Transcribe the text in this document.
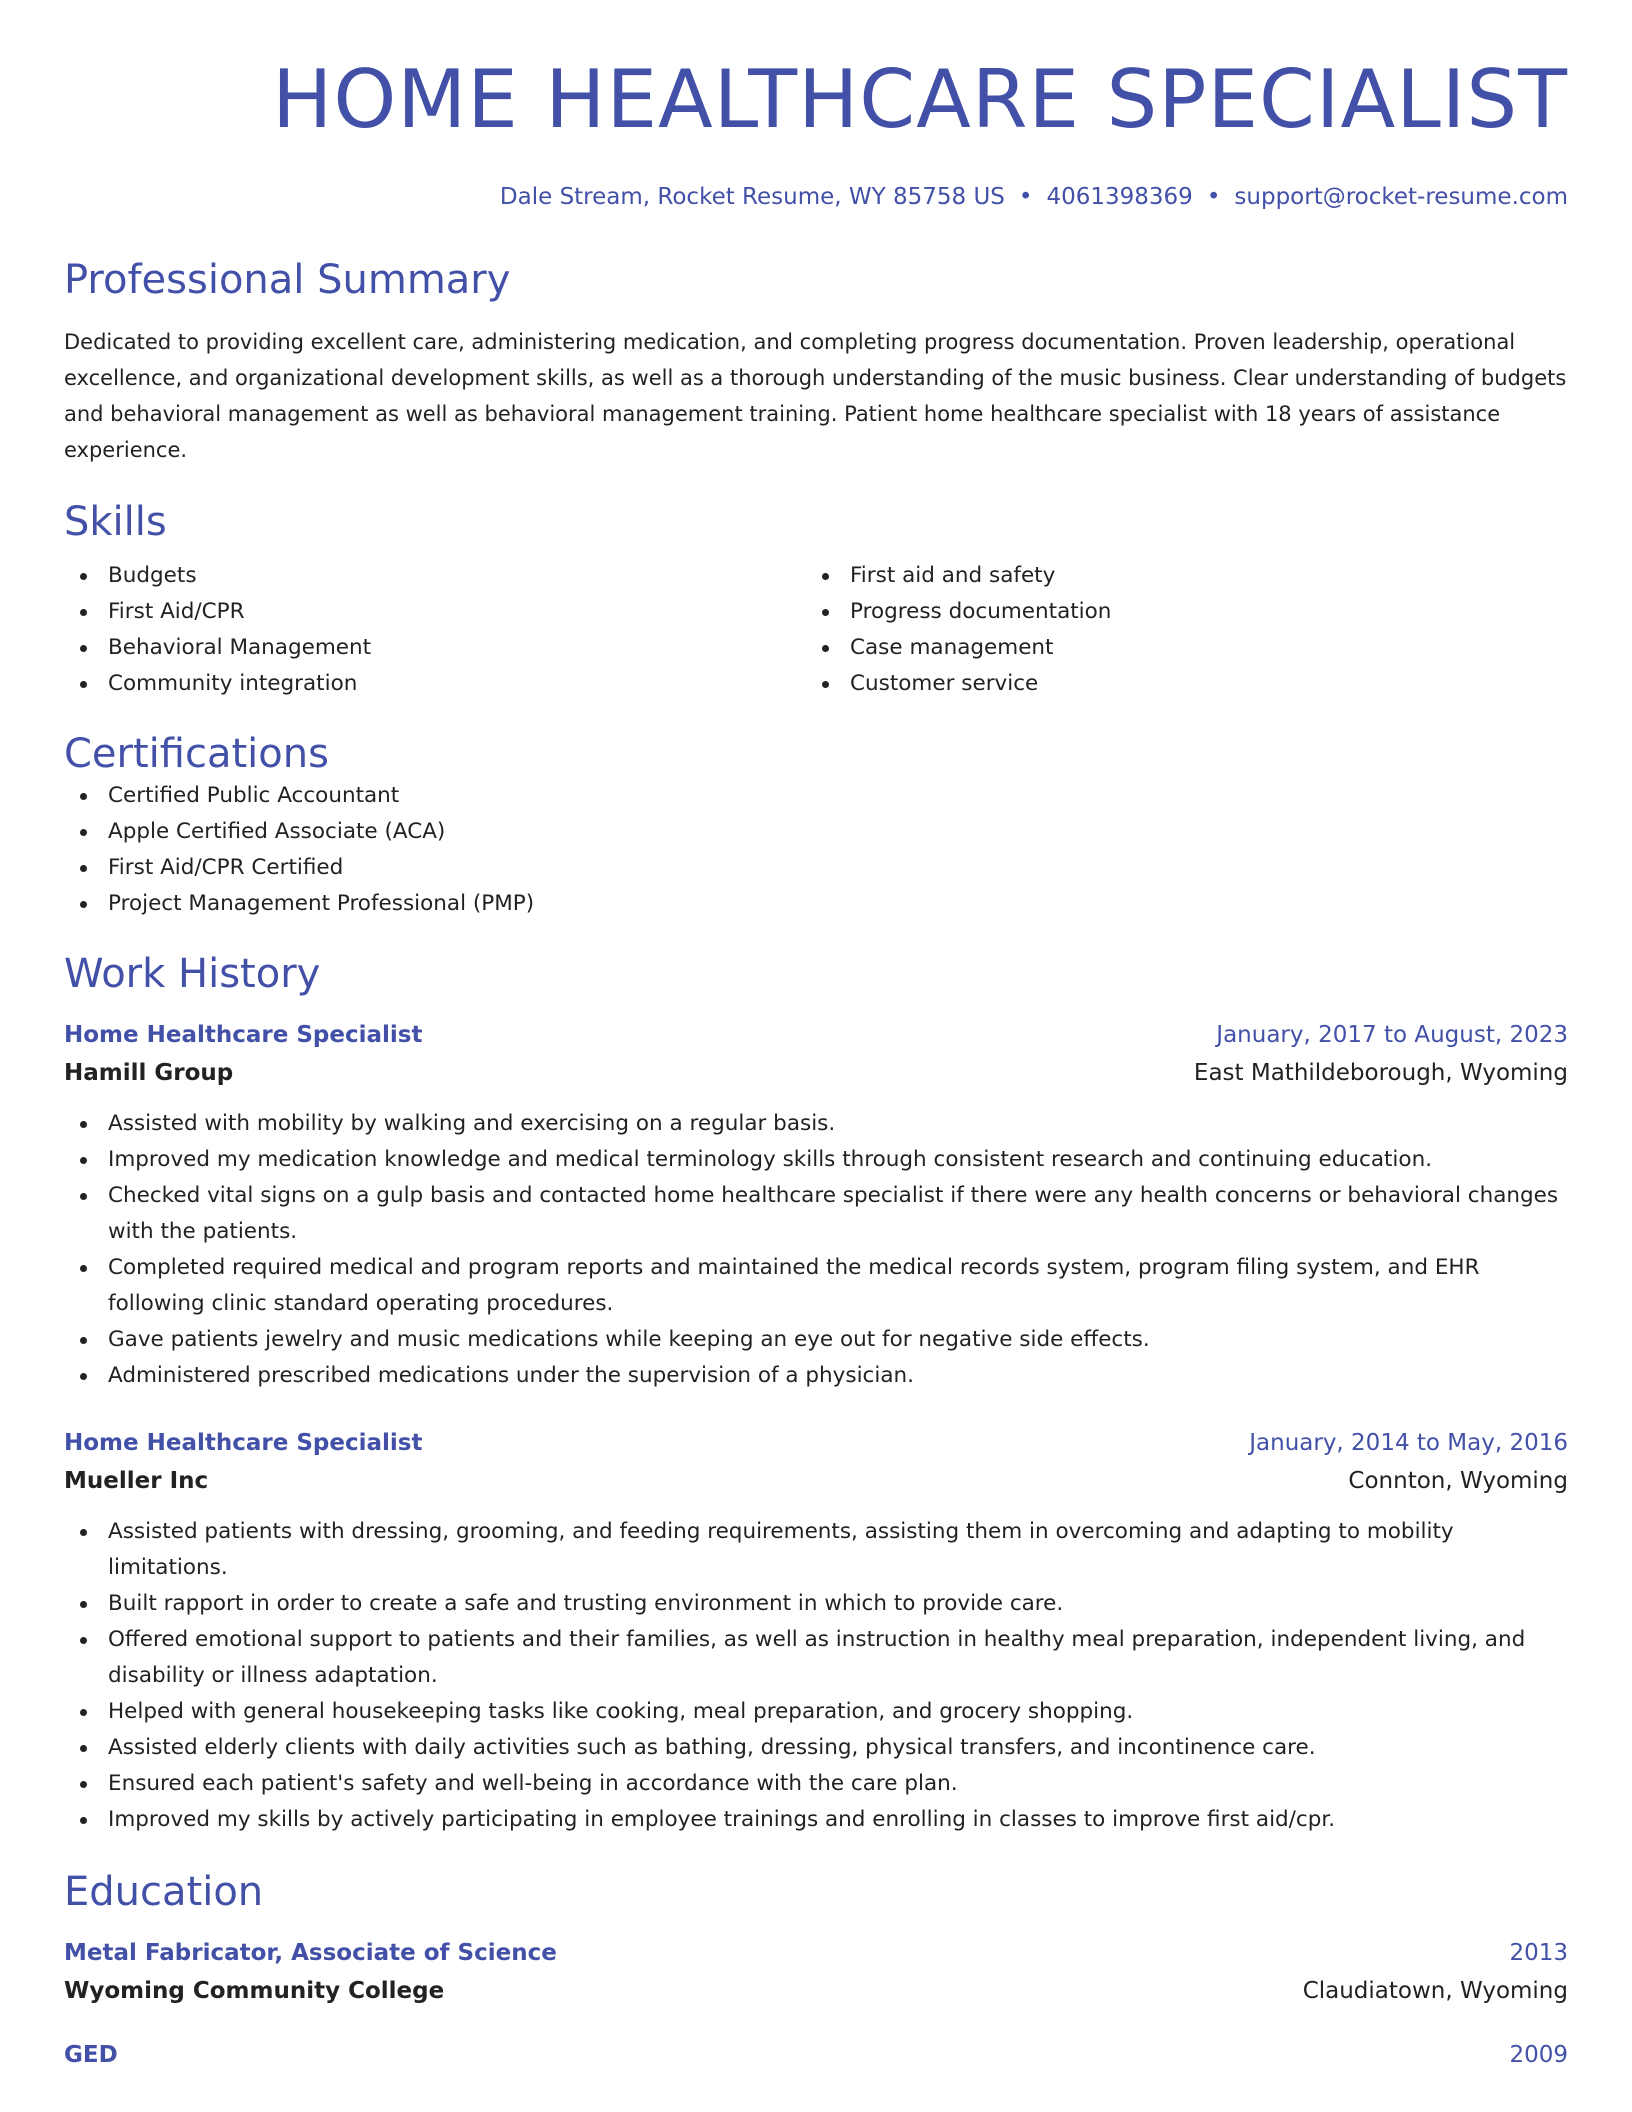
HOME HEALTHCARE SPECIALIST
Dale Stream, Rocket Resume, WY 85758 US • 4061398369 • support@rocket-resume.com
Professional Summary

Dedicated to providing excellent care, administering medication, and completing progress documentation. Proven leadership, operational excellence, and organizational development skills, as well as a thorough understanding of the music business. Clear understanding of budgets and behavioral management as well as behavioral management training. Patient home healthcare specialist with 18 years of assistance experience.

Skills
Budgets
First Aid/CPR
Behavioral Management
Community integration
First aid and safety
Progress documentation
Case management
Customer service
Certifications
Certified Public Accountant
Apple Certified Associate (ACA)
First Aid/CPR Certified
Project Management Professional (PMP)
Work History
Home Healthcare Specialist	January, 2017 to August, 2023
Hamill Group	East Mathildeborough, Wyoming
Assisted with mobility by walking and exercising on a regular basis.
Improved my medication knowledge and medical terminology skills through consistent research and continuing education.
Checked vital signs on a gulp basis and contacted home healthcare specialist if there were any health concerns or behavioral changes with the patients.
Completed required medical and program reports and maintained the medical records system, program filing system, and EHR following clinic standard operating procedures.
Gave patients jewelry and music medications while keeping an eye out for negative side effects.
Administered prescribed medications under the supervision of a physician.
Home Healthcare Specialist	January, 2014 to May, 2016
Mueller Inc	Connton, Wyoming
Assisted patients with dressing, grooming, and feeding requirements, assisting them in overcoming and adapting to mobility limitations.
Built rapport in order to create a safe and trusting environment in which to provide care.
Offered emotional support to patients and their families, as well as instruction in healthy meal preparation, independent living, and disability or illness adaptation.
Helped with general housekeeping tasks like cooking, meal preparation, and grocery shopping.
Assisted elderly clients with daily activities such as bathing, dressing, physical transfers, and incontinence care.
Ensured each patient's safety and well-being in accordance with the care plan.
Improved my skills by actively participating in employee trainings and enrolling in classes to improve first aid/cpr.
Education
Metal Fabricator, Associate of Science	2013
Wyoming Community College	Claudiatown, Wyoming
GED	2009
